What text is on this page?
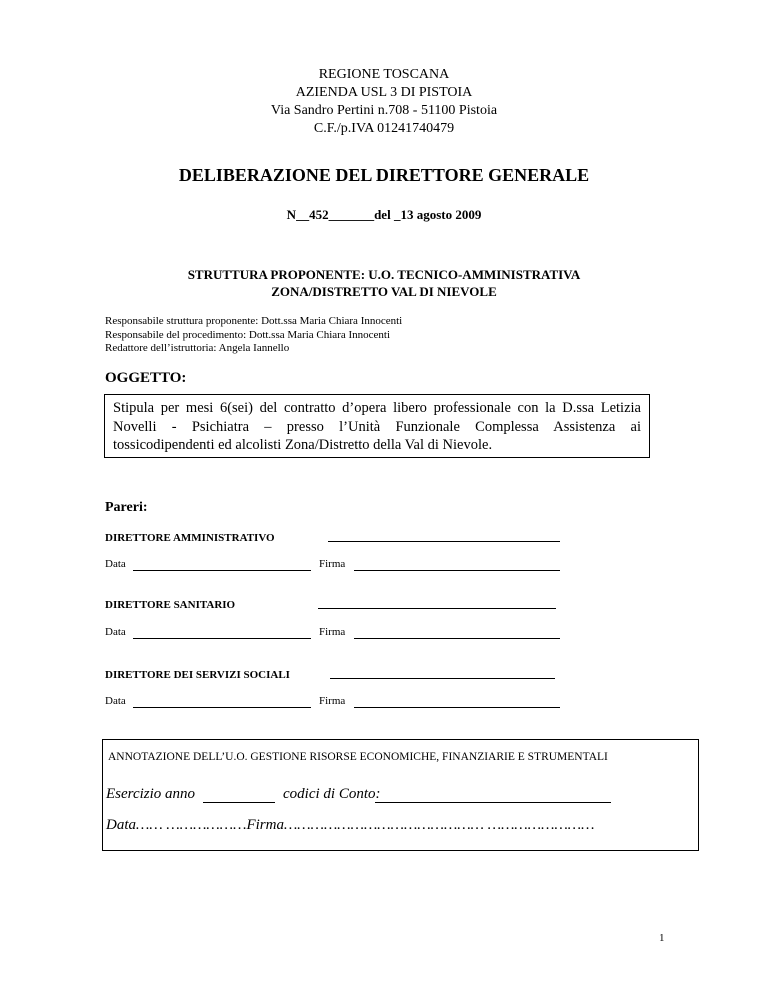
REGIONE TOSCANA
AZIENDA USL 3 DI PISTOIA
Via Sandro Pertini n.708 - 51100 Pistoia
C.F./p.IVA 01241740479
DELIBERAZIONE DEL DIRETTORE GENERALE
N__452_______del _13 agosto 2009
STRUTTURA PROPONENTE: U.O. TECNICO-AMMINISTRATIVA
ZONA/DISTRETTO VAL DI NIEVOLE
Responsabile struttura proponente: Dott.ssa Maria Chiara Innocenti
Responsabile del procedimento: Dott.ssa Maria Chiara Innocenti
Redattore dell’istruttoria: Angela Iannello
OGGETTO:
Stipula per mesi 6(sei) del contratto d’opera libero professionale con la D.ssa Letizia Novelli - Psichiatra – presso l’Unità Funzionale Complessa Assistenza ai tossicodipendenti ed alcolisti Zona/Distretto della Val di Nievole.
Pareri:
DIRETTORE AMMINISTRATIVO
Data	Firma
DIRETTORE SANITARIO
Data	Firma
DIRETTORE DEI SERVIZI SOCIALI
Data	Firma
ANNOTAZIONE DELL’U.O. GESTIONE RISORSE ECONOMICHE, FINANZIARIE E STRUMENTALI
Esercizio anno	codici di Conto:
Data…… ………………Firma……………………………………… ……………………
1
